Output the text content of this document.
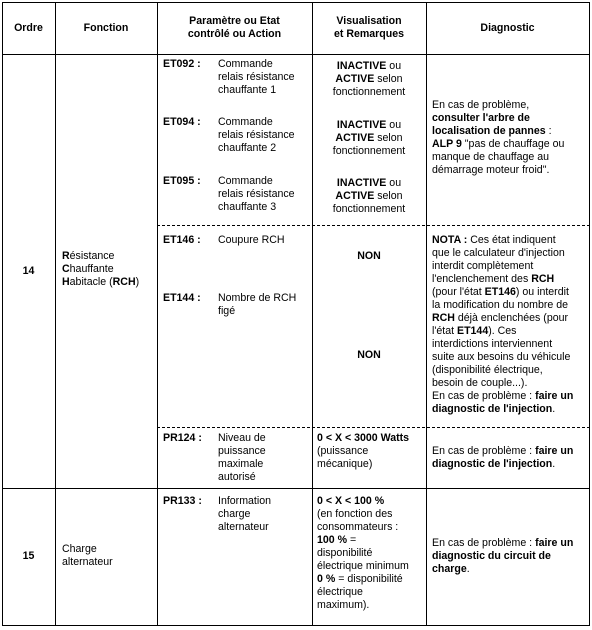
Ordre	Fonction
Paramètre ou Etat
contrôlé ou Action
Visualisation
et Remarques
Diagnostic
14
Résistance
Chauffante
Habitacle (RCH)
ET092 : Commande
relais résistance
chauffante 1
INACTIVE ou
ACTIVE selon
fonctionnement
ET094 : Commande
relais résistance
chauffante 2
INACTIVE ou
ACTIVE selon
fonctionnement
ET095 : Commande
relais résistance
chauffante 3
INACTIVE ou
ACTIVE selon
fonctionnement
En cas de problème,
consulter l'arbre de
localisation de pannes :
ALP 9 "pas de chauffage ou
manque de chauffage au
démarrage moteur froid".
ET146 : Coupure RCH
NON
ET144 : Nombre de RCH
figé
NON
NOTA : Ces état indiquent
que le calculateur d'injection
interdit complètement
l'enclenchement des RCH
(pour l'état ET146) ou interdit
la modification du nombre de
RCH déjà enclenchées (pour
l'état ET144). Ces
interdictions interviennent
suite aux besoins du véhicule
(disponibilité électrique,
besoin de couple...).
En cas de problème : faire un
diagnostic de l'injection.
PR124 : Niveau de
puissance
maximale
autorisé
0 < X < 3000 Watts
(puissance
mécanique)
En cas de problème : faire un
diagnostic de l'injection.
15
Charge
alternateur
PR133 : Information
charge
alternateur
0 < X < 100 %
(en fonction des
consommateurs :
100 % =
disponibilité
électrique minimum
0 % = disponibilité
électrique
maximum).
En cas de problème : faire un
diagnostic du circuit de
charge.
